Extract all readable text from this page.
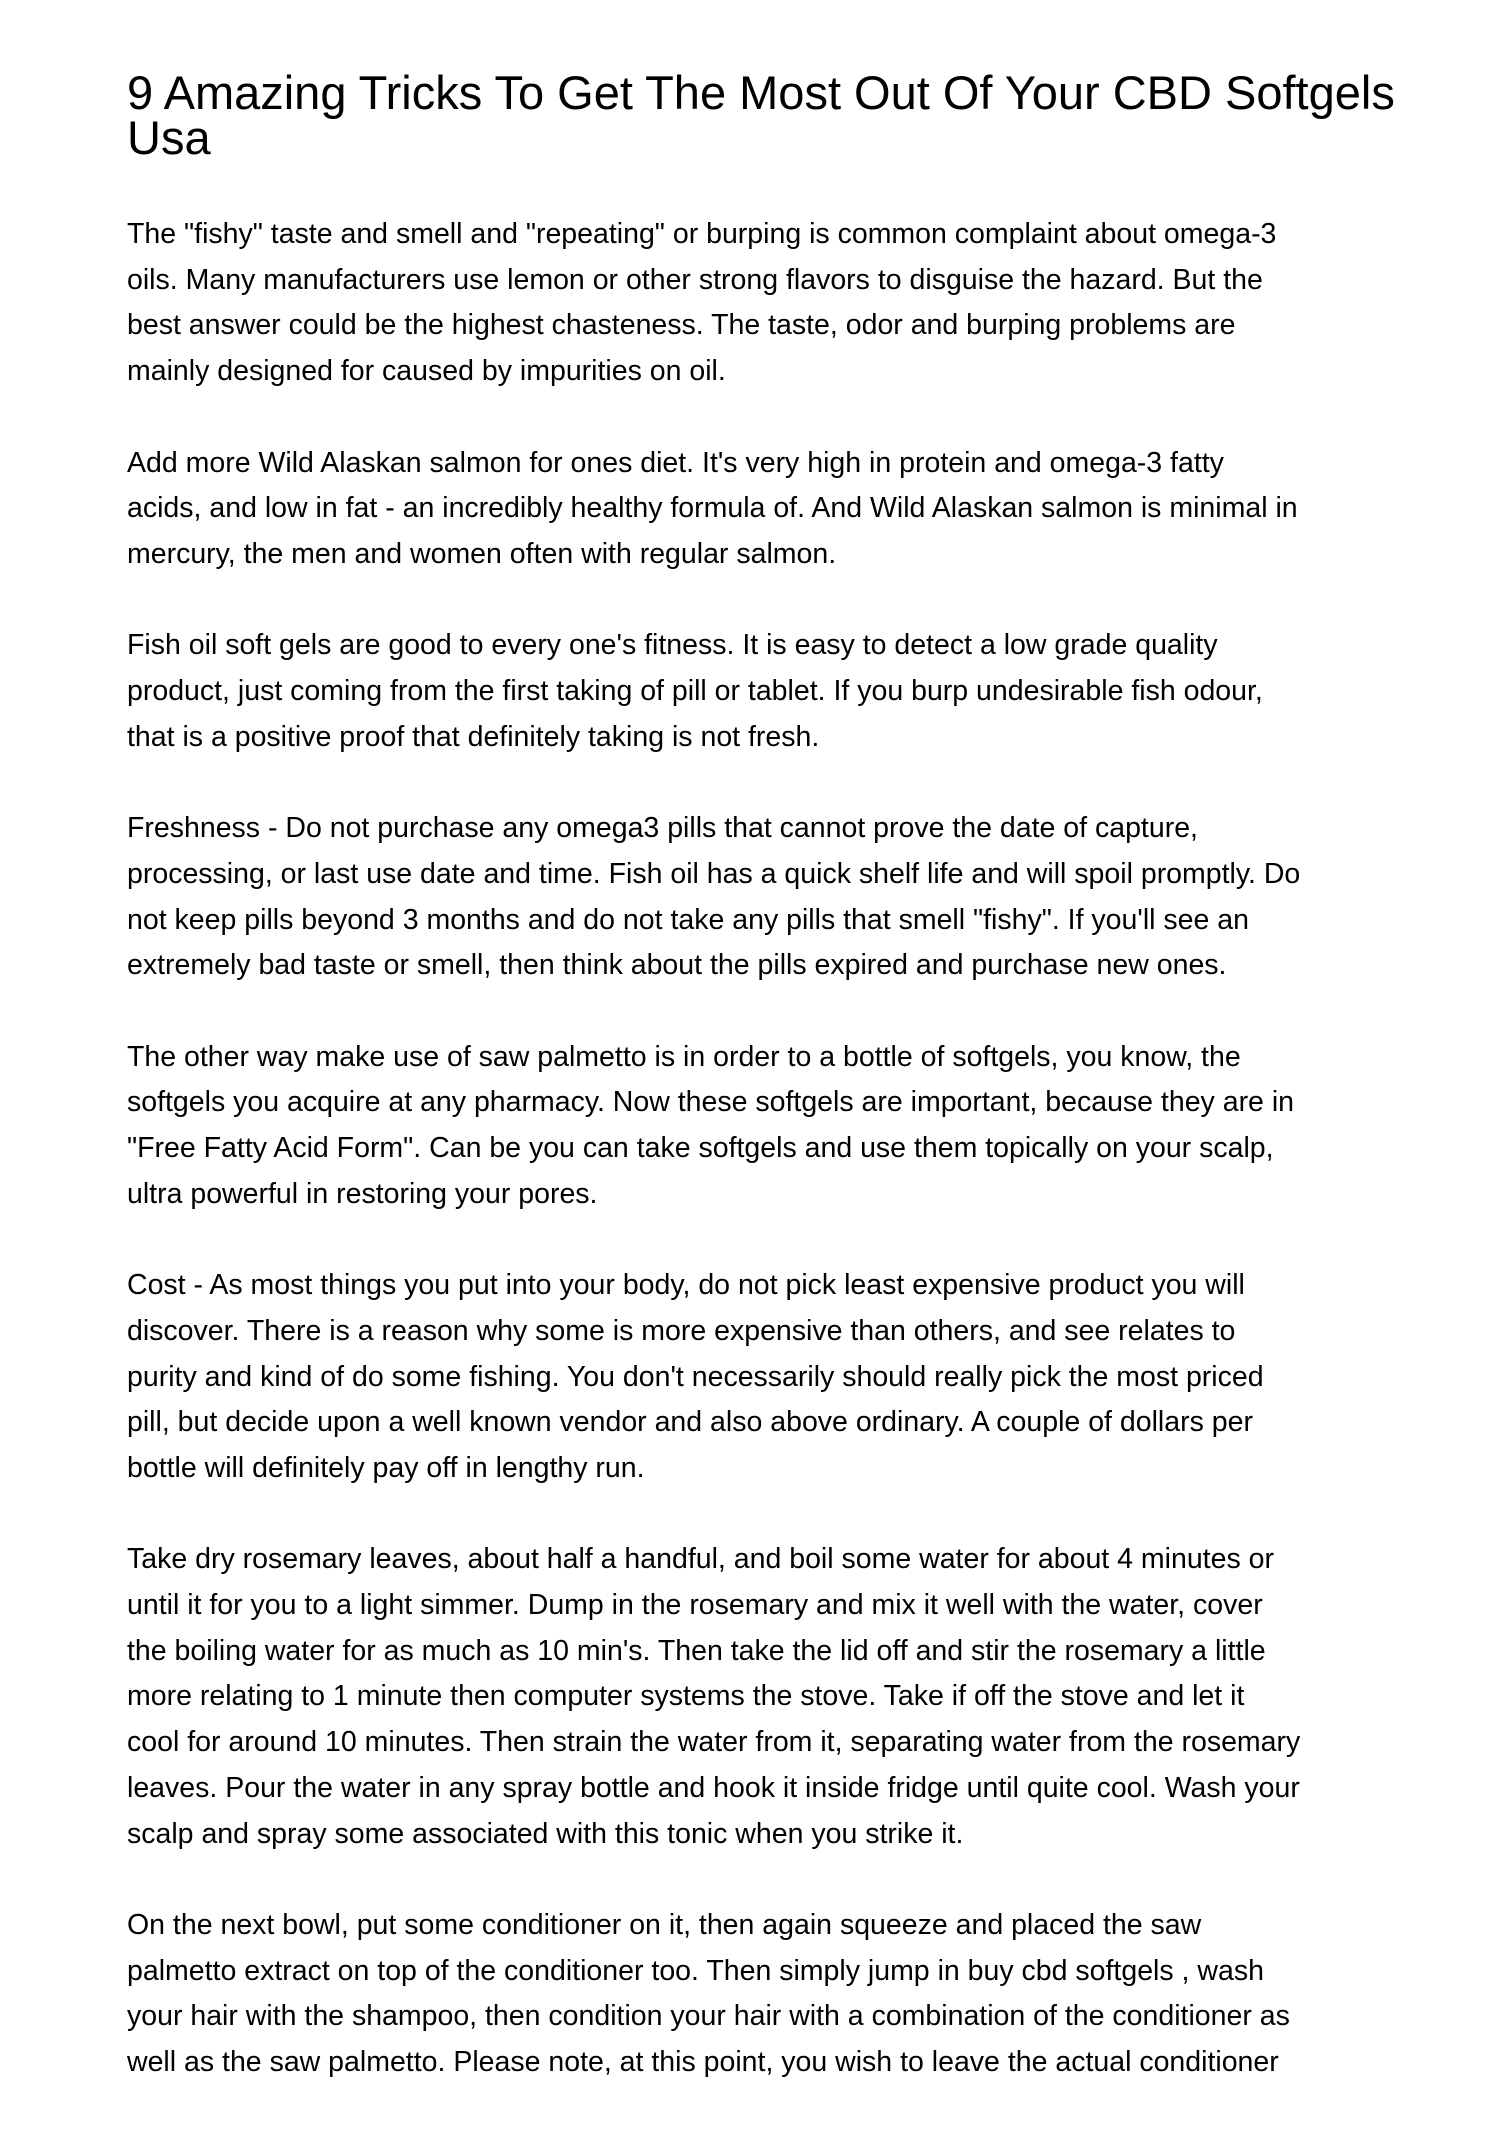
9 Amazing Tricks To Get The Most Out Of Your CBD Softgels Usa

The "fishy" taste and smell and "repeating" or burping is common complaint about omega-3
oils. Many manufacturers use lemon or other strong flavors to disguise the hazard. But the
best answer could be the highest chasteness. The taste, odor and burping problems are
mainly designed for caused by impurities on oil.

Add more Wild Alaskan salmon for ones diet. It's very high in protein and omega-3 fatty
acids, and low in fat - an incredibly healthy formula of. And Wild Alaskan salmon is minimal in
mercury, the men and women often with regular salmon.

Fish oil soft gels are good to every one's fitness. It is easy to detect a low grade quality
product, just coming from the first taking of pill or tablet. If you burp undesirable fish odour,
that is a positive proof that definitely taking is not fresh.

Freshness - Do not purchase any omega3 pills that cannot prove the date of capture,
processing, or last use date and time. Fish oil has a quick shelf life and will spoil promptly. Do
not keep pills beyond 3 months and do not take any pills that smell "fishy". If you'll see an
extremely bad taste or smell, then think about the pills expired and purchase new ones.

The other way make use of saw palmetto is in order to a bottle of softgels, you know, the
softgels you acquire at any pharmacy. Now these softgels are important, because they are in
"Free Fatty Acid Form". Can be you can take softgels and use them topically on your scalp,
ultra powerful in restoring your pores.

Cost - As most things you put into your body, do not pick least expensive product you will
discover. There is a reason why some is more expensive than others, and see relates to
purity and kind of do some fishing. You don't necessarily should really pick the most priced
pill, but decide upon a well known vendor and also above ordinary. A couple of dollars per
bottle will definitely pay off in lengthy run.

Take dry rosemary leaves, about half a handful, and boil some water for about 4 minutes or
until it for you to a light simmer. Dump in the rosemary and mix it well with the water, cover
the boiling water for as much as 10 min's. Then take the lid off and stir the rosemary a little
more relating to 1 minute then computer systems the stove. Take if off the stove and let it
cool for around 10 minutes. Then strain the water from it, separating water from the rosemary
leaves. Pour the water in any spray bottle and hook it inside fridge until quite cool. Wash your
scalp and spray some associated with this tonic when you strike it.

On the next bowl, put some conditioner on it, then again squeeze and placed the saw
palmetto extract on top of the conditioner too. Then simply jump in buy cbd softgels , wash
your hair with the shampoo, then condition your hair with a combination of the conditioner as
well as the saw palmetto. Please note, at this point, you wish to leave the actual conditioner
